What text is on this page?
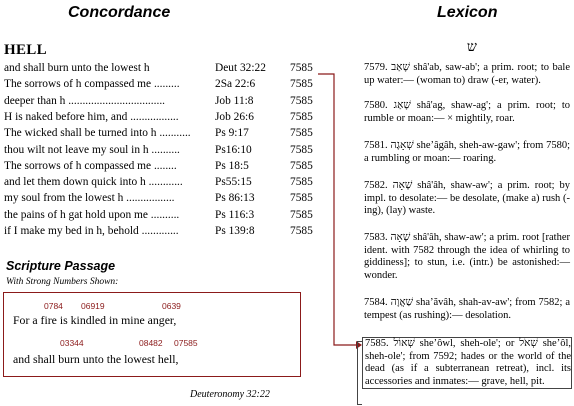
Concordance	Lexicon
HELL
and shall burn unto the lowest h	Deut 32:22 7585
The sorrows of h compassed me .........	2Sa 22:6	7585
deeper than h ..................................	Job 11:8	7585
H is naked before him, and .................	Job 26:6	7585
The wicked shall be turned into h ........... Ps 9:17	7585
thou wilt not leave my soul in h ..........	Ps16:10	7585
The sorrows of h compassed me ........	Ps 18:5	7585
and let them down quick into h ............	Ps55:15	7585
my soul from the lowest h .................	Ps 86:13	7585
the pains of h gat hold upon me ..........	Ps 116:3	7585
if I make my bed in h, behold .............	Ps 139:8	7585
Scripture Passage
With Strong Numbers Shown:
0784 06919	0639
For a fire is kindled in mine anger,
03344	08482 07585
and shall burn unto the lowest hell,
Deuteronomy 32:22
ש
7579. שָׁאַב shâ'ab, saw-ab'; a prim. root; to bale up water:— (woman to) draw (-er, water).
7580. שָׁאַג shâ'ag, shaw-ag'; a prim. root; to rumble or moan:— × mightily, roar.
7581. שְׁאָגָה sheʼâgâh, sheh-aw-gaw'; from 7580; a rumbling or moan:— roaring.
7582. שָׁאָה shâ'âh, shaw-aw'; a prim. root; by impl. to desolate:— be desolate, (make a) rush (-ing), (lay) waste.
7583. שָׁאָה shâ'âh, shaw-aw'; a prim. root [rather ident. with 7582 through the idea of whirling to giddiness]; to stun, i.e. (intr.) be astonished:— wonder.
7584. שַׁאֲוָה shaʼăvâh, shah-av-aw'; from 7582; a tempest (as rushing):— desolation.
7585. שְׁאוֹל sheʼôwl, sheh-ole'; or שְׁאֹל sheʼôl, sheh-ole'; from 7592; hades or the world of the dead (as if a subterranean retreat), incl. its accessories and inmates:— grave, hell, pit.
